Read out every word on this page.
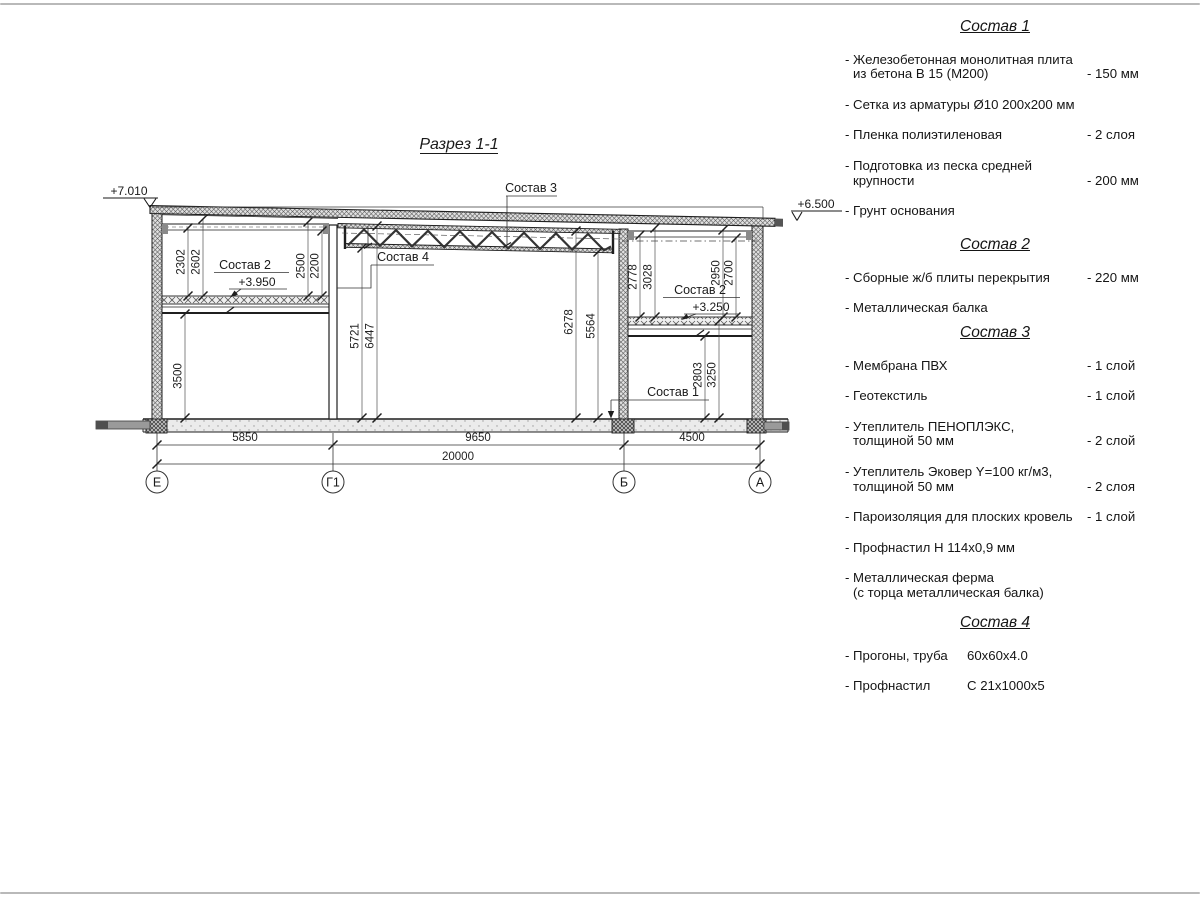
Разрез 1-1
+7.010
+6.500
+3.950
+3.250
Состав 3
Состав 4
Состав 2
Состав 2
Состав 1
2302 2602	2500 2200
3500
5721 6447
6278 5564
2778 3028	2950 2700
2803 3250
5850	9650	4500
20000
Е	Г1	Б	А
Состав 1
- Железобетонная монолитная плита
из бетона В 15 (М200)	- 150 мм
- Сетка из арматуры Ø10 200х200 мм
- Пленка полиэтиленовая	- 2 слоя
- Подготовка из песка средней
крупности	- 200 мм
- Грунт основания
Состав 2
- Сборные ж/б плиты перекрытия	- 220 мм
- Металлическая балка
Состав 3
- Мембрана ПВХ	- 1 слой
- Геотекстиль	- 1 слой
- Утеплитель ПЕНОПЛЭКС,
толщиной 50 мм	- 2 слой
- Утеплитель Эковер Y=100 кг/м3,
толщиной 50 мм	- 2 слоя
- Пароизоляция для плоских кровель	- 1 слой
- Профнастил Н 114х0,9 мм
- Металлическая ферма
(с торца металлическая балка)
Состав 4
- Прогоны, труба	60х60х4.0
- Профнастил	С 21х1000х5
